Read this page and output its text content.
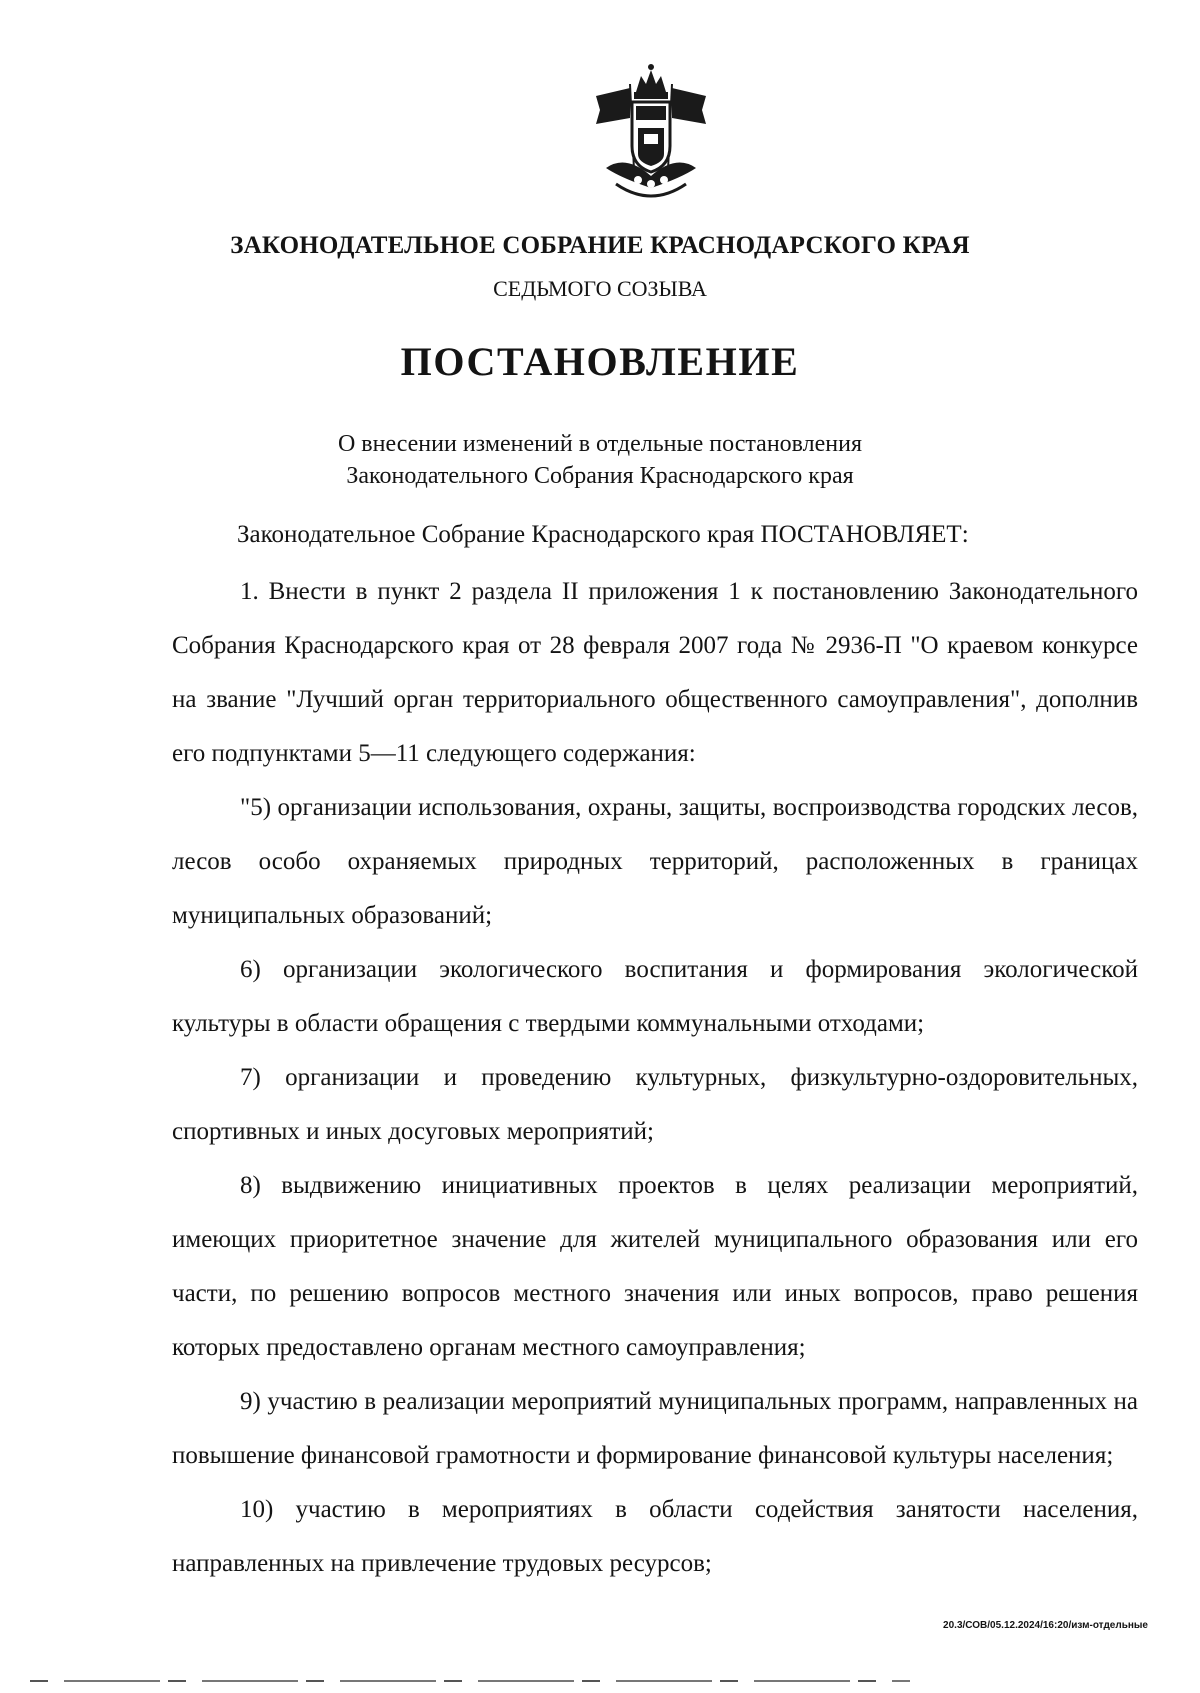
ЗАКОНОДАТЕЛЬНОЕ СОБРАНИЕ КРАСНОДАРСКОГО КРАЯ
СЕДЬМОГО СОЗЫВА
ПОСТАНОВЛЕНИЕ
О внесении изменений в отдельные постановления
Законодательного Собрания Краснодарского края
Законодательное Собрание Краснодарского края ПОСТАНОВЛЯЕТ:

1. Внести в пункт 2 раздела II приложения 1 к постановлению Законодательного Собрания Краснодарского края от 28 февраля 2007 года № 2936-П "О краевом конкурсе на звание "Лучший орган территориального общественного самоуправления", дополнив его подпунктами 5—11 следующего содержания:

"5) организации использования, охраны, защиты, воспроизводства городских лесов, лесов особо охраняемых природных территорий, расположенных в границах муниципальных образований;

6) организации экологического воспитания и формирования экологической культуры в области обращения с твердыми коммунальными отходами;

7) организации и проведению культурных, физкультурно-оздоровительных, спортивных и иных досуговых мероприятий;

8) выдвижению инициативных проектов в целях реализации мероприятий, имеющих приоритетное значение для жителей муниципального образования или его части, по решению вопросов местного значения или иных вопросов, право решения которых предоставлено органам местного самоуправления;

9) участию в реализации мероприятий муниципальных программ, направленных на повышение финансовой грамотности и формирование финансовой культуры населения;

10) участию в мероприятиях в области содействия занятости населения, направленных на привлечение трудовых ресурсов;

20.3/СОВ/05.12.2024/16:20/изм-отдельные
